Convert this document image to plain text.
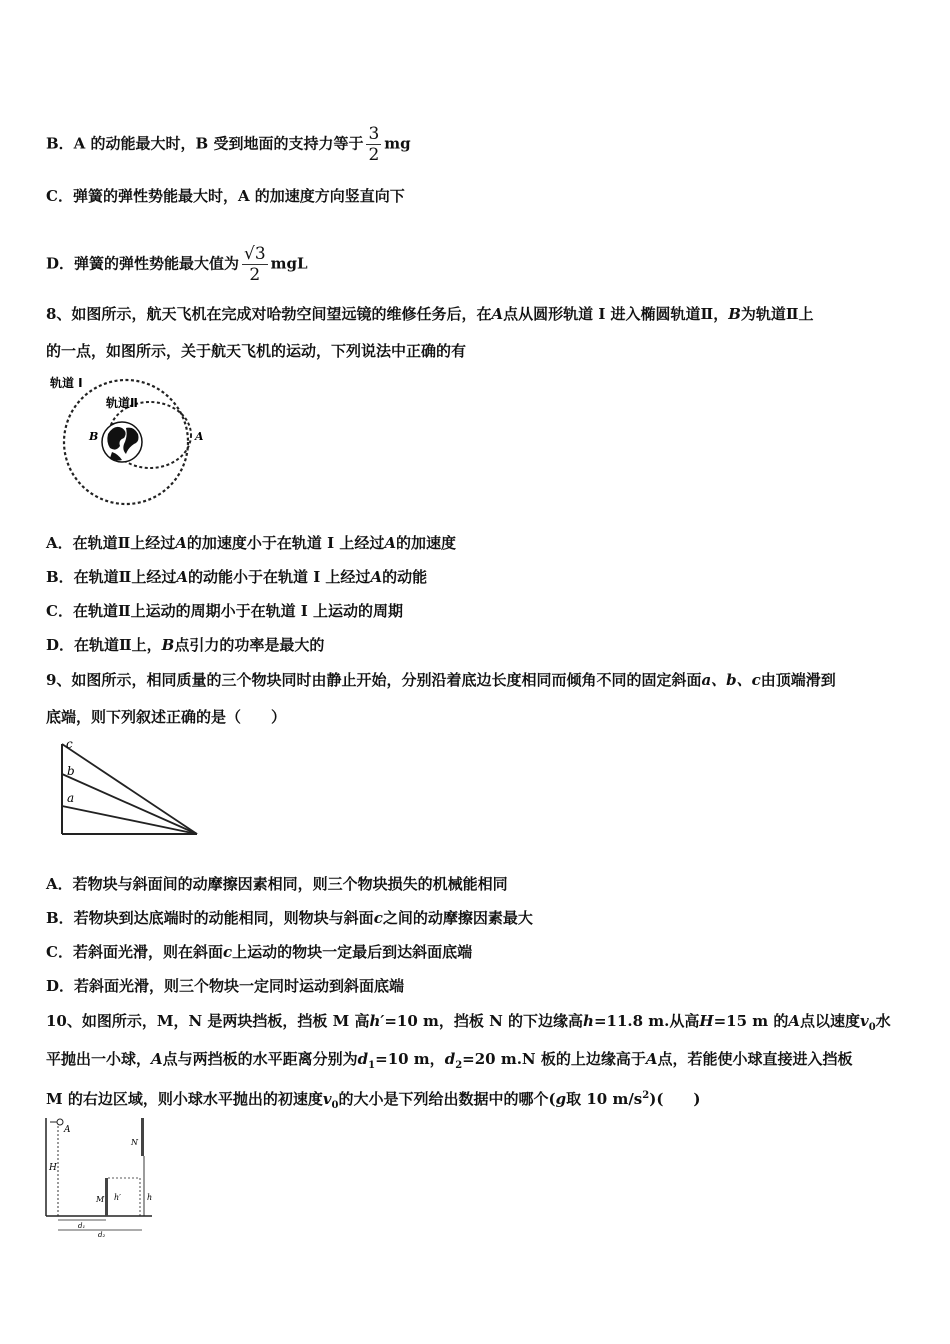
B．A 的动能最大时，B 受到地面的支持力等于 $\frac{3}{2}$ mg
C．弹簧的弹性势能最大时，A 的加速度方向竖直向下
D．弹簧的弹性势能最大值为 $\frac{√3}{2}$ mgL
8、如图所示，航天飞机在完成对哈勃空间望远镜的维修任务后，在A点从圆形轨道 I 进入椭圆轨道Ⅱ，B为轨道Ⅱ上
的一点，如图所示，关于航天飞机的运动，下列说法中正确的有
轨道 I
轨道Ⅱ
B	A
A．在轨道Ⅱ上经过A的加速度小于在轨道 I 上经过A的加速度
B．在轨道Ⅱ上经过A的动能小于在轨道 I 上经过A的动能
C．在轨道Ⅱ上运动的周期小于在轨道 I 上运动的周期
D．在轨道Ⅱ上，B点引力的功率是最大的
9、如图所示，相同质量的三个物块同时由静止开始，分别沿着底边长度相同而倾角不同的固定斜面a、b、c由顶端滑到
底端，则下列叙述正确的是（　　）
c
b
a
A．若物块与斜面间的动摩擦因素相同，则三个物块损失的机械能相同
B．若物块到达底端时的动能相同，则物块与斜面c之间的动摩擦因素最大
C．若斜面光滑，则在斜面c上运动的物块一定最后到达斜面底端
D．若斜面光滑，则三个物块一定同时运动到斜面底端
10、如图所示，M，N 是两块挡板，挡板 M 高h′=10 m，挡板 N 的下边缘高h=11.8 m.从高H=15 m 的A点以速度$v_0$水
平抛出一小球，A点与两挡板的水平距离分别为$d_1=10$ m，$d_2=20$ m.N 板的上边缘高于A点，若能使小球直接进入挡板
M 的右边区域，则小球水平抛出的初速度$v_0$的大小是下列给出数据中的哪个(g取 10 $m/s^2$)(　　)
A
H
M h′
N
h
d₁
d₂
